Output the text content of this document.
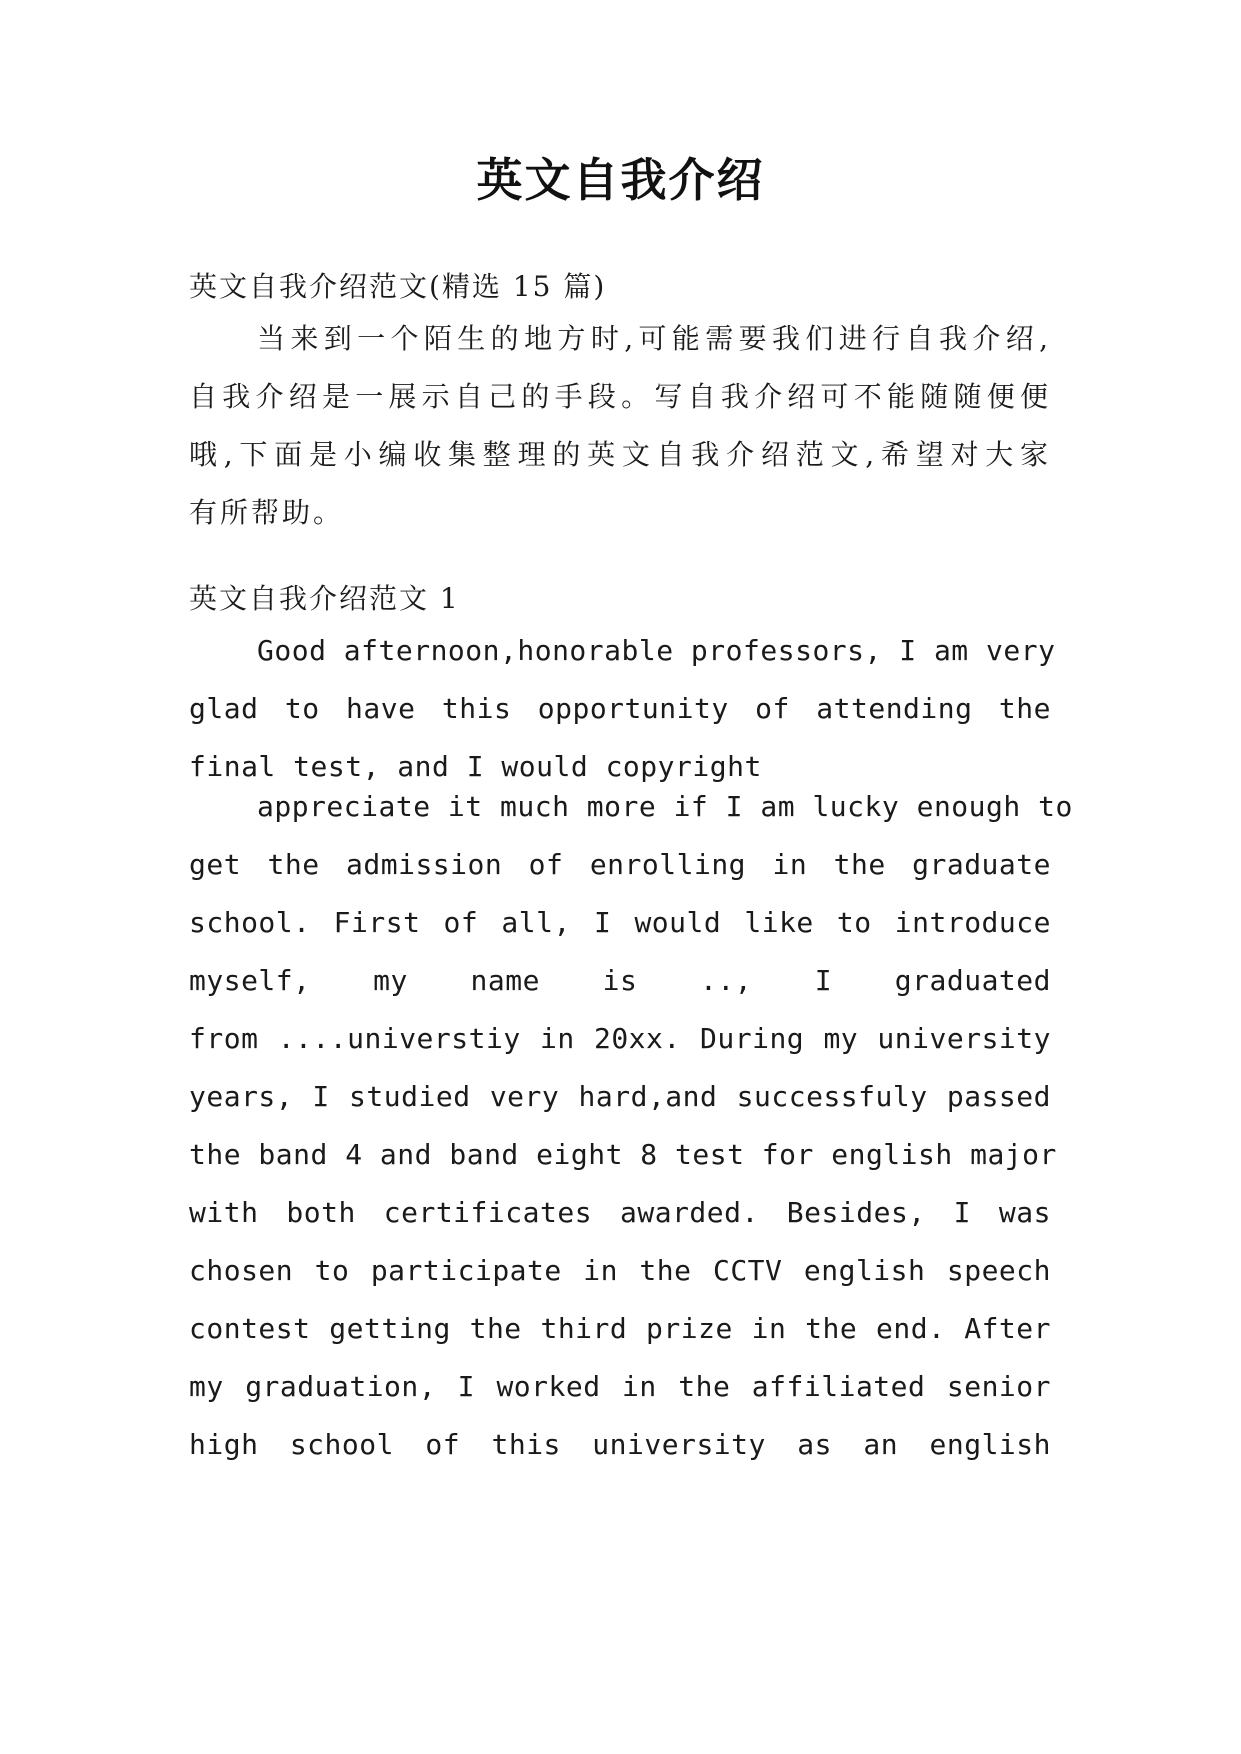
英文自我介绍
英文自我介绍范文(精选 15 篇)
当来到一个陌生的地方时,可能需要我们进行自我介绍,
自我介绍是一展示自己的手段。写自我介绍可不能随随便便
哦,下面是小编收集整理的英文自我介绍范文,希望对大家
有所帮助。
英文自我介绍范文 1
Good afternoon,honorable professors, I am very
glad to have this opportunity of attending the
final test, and I would copyright
appreciate it much more if I am lucky enough to
get the admission of enrolling in the graduate
school. First of all, I would like to introduce
myself, my name is .., I graduated
from ....universtiy in 20xx. During my university
years, I studied very hard,and successfuly passed
the band 4 and band eight 8 test for english major
with both certificates awarded. Besides, I was
chosen to participate in the CCTV english speech
contest getting the third prize in the end. After
my graduation, I worked in the affiliated senior
high school of this university as an english
